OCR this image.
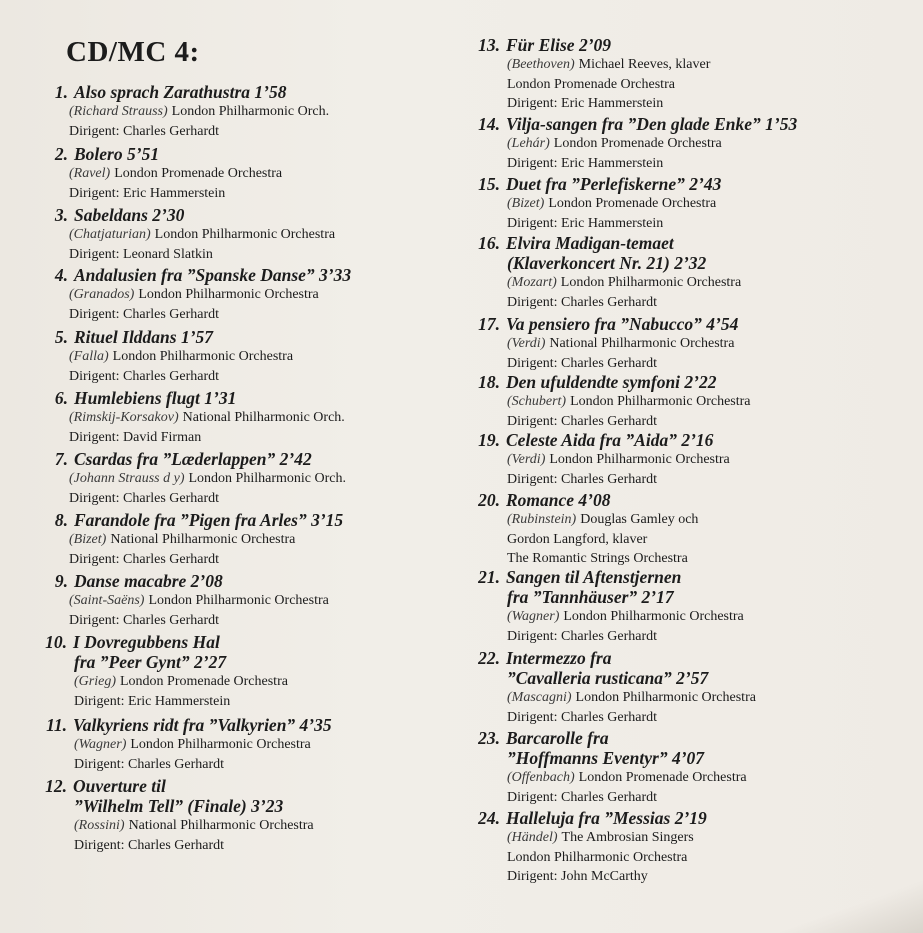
CD/MC 4:
1. Also sprach Zarathustra 1’58
(Richard Strauss) London Philharmonic Orch.
Dirigent: Charles Gerhardt
2. Bolero 5’51
(Ravel) London Promenade Orchestra
Dirigent: Eric Hammerstein
3. Sabeldans 2’30
(Chatjaturian) London Philharmonic Orchestra
Dirigent: Leonard Slatkin
4. Andalusien fra ”Spanske Danse” 3’33
(Granados) London Philharmonic Orchestra
Dirigent: Charles Gerhardt
5. Rituel Ilddans 1’57
(Falla) London Philharmonic Orchestra
Dirigent: Charles Gerhardt
6. Humlebiens flugt 1’31
(Rimskij-Korsakov) National Philharmonic Orch.
Dirigent: David Firman
7. Csardas fra ”Læderlappen” 2’42
(Johann Strauss d y) London Philharmonic Orch.
Dirigent: Charles Gerhardt
8. Farandole fra ”Pigen fra Arles” 3’15
(Bizet) National Philharmonic Orchestra
Dirigent: Charles Gerhardt
9. Danse macabre 2’08
(Saint-Saëns) London Philharmonic Orchestra
Dirigent: Charles Gerhardt
10. I Dovregubbens Hal
fra ”Peer Gynt” 2’27
(Grieg) London Promenade Orchestra
Dirigent: Eric Hammerstein
11. Valkyriens ridt fra ”Valkyrien” 4’35
(Wagner) London Philharmonic Orchestra
Dirigent: Charles Gerhardt
12. Ouverture til
”Wilhelm Tell” (Finale) 3’23
(Rossini) National Philharmonic Orchestra
Dirigent: Charles Gerhardt
13. Für Elise 2’09
(Beethoven) Michael Reeves, klaver
London Promenade Orchestra
Dirigent: Eric Hammerstein
14. Vilja-sangen fra ”Den glade Enke” 1’53
(Lehár) London Promenade Orchestra
Dirigent: Eric Hammerstein
15. Duet fra ”Perlefiskerne” 2’43
(Bizet) London Promenade Orchestra
Dirigent: Eric Hammerstein
16. Elvira Madigan-temaet
(Klaverkoncert Nr. 21) 2’32
(Mozart) London Philharmonic Orchestra
Dirigent: Charles Gerhardt
17. Va pensiero fra ”Nabucco” 4’54
(Verdi) National Philharmonic Orchestra
Dirigent: Charles Gerhardt
18. Den ufuldendte symfoni 2’22
(Schubert) London Philharmonic Orchestra
Dirigent: Charles Gerhardt
19. Celeste Aida fra ”Aida” 2’16
(Verdi) London Philharmonic Orchestra
Dirigent: Charles Gerhardt
20. Romance 4’08
(Rubinstein) Douglas Gamley och
Gordon Langford, klaver
The Romantic Strings Orchestra
21. Sangen til Aftenstjernen
fra ”Tannhäuser” 2’17
(Wagner) London Philharmonic Orchestra
Dirigent: Charles Gerhardt
22. Intermezzo fra
”Cavalleria rusticana” 2’57
(Mascagni) London Philharmonic Orchestra
Dirigent: Charles Gerhardt
23. Barcarolle fra
”Hoffmanns Eventyr” 4’07
(Offenbach) London Promenade Orchestra
Dirigent: Charles Gerhardt
24. Halleluja fra ”Messias 2’19
(Händel) The Ambrosian Singers
London Philharmonic Orchestra
Dirigent: John McCarthy
